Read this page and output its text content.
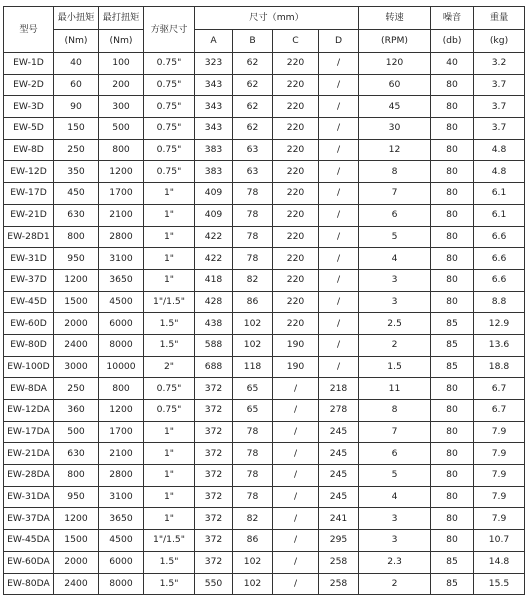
型号	最小扭矩	最打扭矩	方驱尺寸	尺寸（mm）				转速	噪音	重量
	(Nm)	(Nm)		A	B	C	D	(RPM)	(db)	(kg)
EW-1D	40	100	0.75"	323	62	220	/	120	40	3.2
EW-2D	60	200	0.75"	343	62	220	/	60	80	3.7
EW-3D	90	300	0.75"	343	62	220	/	45	80	3.7
EW-5D	150	500	0.75"	343	62	220	/	30	80	3.7
EW-8D	250	800	0.75"	383	63	220	/	12	80	4.8
EW-12D	350	1200	0.75"	383	63	220	/	8	80	4.8
EW-17D	450	1700	1"	409	78	220	/	7	80	6.1
EW-21D	630	2100	1"	409	78	220	/	6	80	6.1
EW-28D1	800	2800	1"	422	78	220	/	5	80	6.6
EW-31D	950	3100	1"	422	78	220	/	4	80	6.6
EW-37D	1200	3650	1"	418	82	220	/	3	80	6.6
EW-45D	1500	4500	1"/1.5"	428	86	220	/	3	80	8.8
EW-60D	2000	6000	1.5"	438	102	220	/	2.5	85	12.9
EW-80D	2400	8000	1.5"	588	102	190	/	2	85	13.6
EW-100D	3000	10000	2"	688	118	190	/	1.5	85	18.8
EW-8DA	250	800	0.75"	372	65	/	218	11	80	6.7
EW-12DA	360	1200	0.75"	372	65	/	278	8	80	6.7
EW-17DA	500	1700	1"	372	78	/	245	7	80	7.9
EW-21DA	630	2100	1"	372	78	/	245	6	80	7.9
EW-28DA	800	2800	1"	372	78	/	245	5	80	7.9
EW-31DA	950	3100	1"	372	78	/	245	4	80	7.9
EW-37DA	1200	3650	1"	372	82	/	241	3	80	7.9
EW-45DA	1500	4500	1"/1.5"	372	86	/	295	3	80	10.7
EW-60DA	2000	6000	1.5"	372	102	/	258	2.3	85	14.8
EW-80DA	2400	8000	1.5"	550	102	/	258	2	85	15.5
